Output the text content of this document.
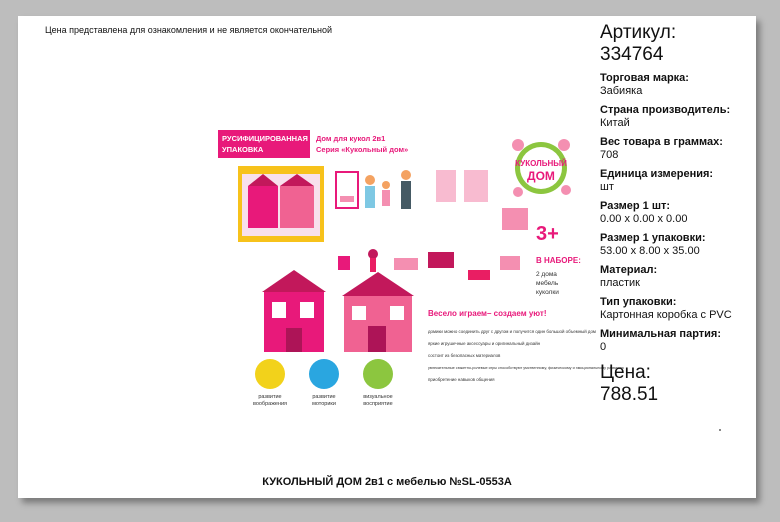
Цена представлена для ознакомления и не является окончательной
РУСИФИЦИРОВАННАЯ
УПАКОВКА
Дом для кукол 2в1
Серия «Кукольный дом»
КУКОЛЬНЫЙ
ДОМ
3+
В НАБОРЕ:
2 дома
мебель
куколки
Весело играем– создаем уют!
домики можно соединить друг с другом и получится один большой объемный дом
яркие игрушечные аксессуары и оригинальный дизайн
состоит из безопасных материалов
увлекательные сюжетно-ролевые игры способствуют умственному, физическому и эмоциональному развитию
приобретение навыков общения
развитие
воображения
развитие
моторики
визуальное
восприятие
Артикул:
334764
Торговая марка:
Забияка
Страна производитель:
Китай
Вес товара в граммах:
708
Единица измерения:
шт
Размер 1 шт:
0.00 x 0.00 x 0.00
Размер 1 упаковки:
53.00 x 8.00 x 35.00
Материал:
пластик
Тип упаковки:
Картонная коробка с PVC
Минимальная партия:
0
Цена:
788.51
КУКОЛЬНЫЙ ДОМ 2в1 с мебелью №SL-0553A
